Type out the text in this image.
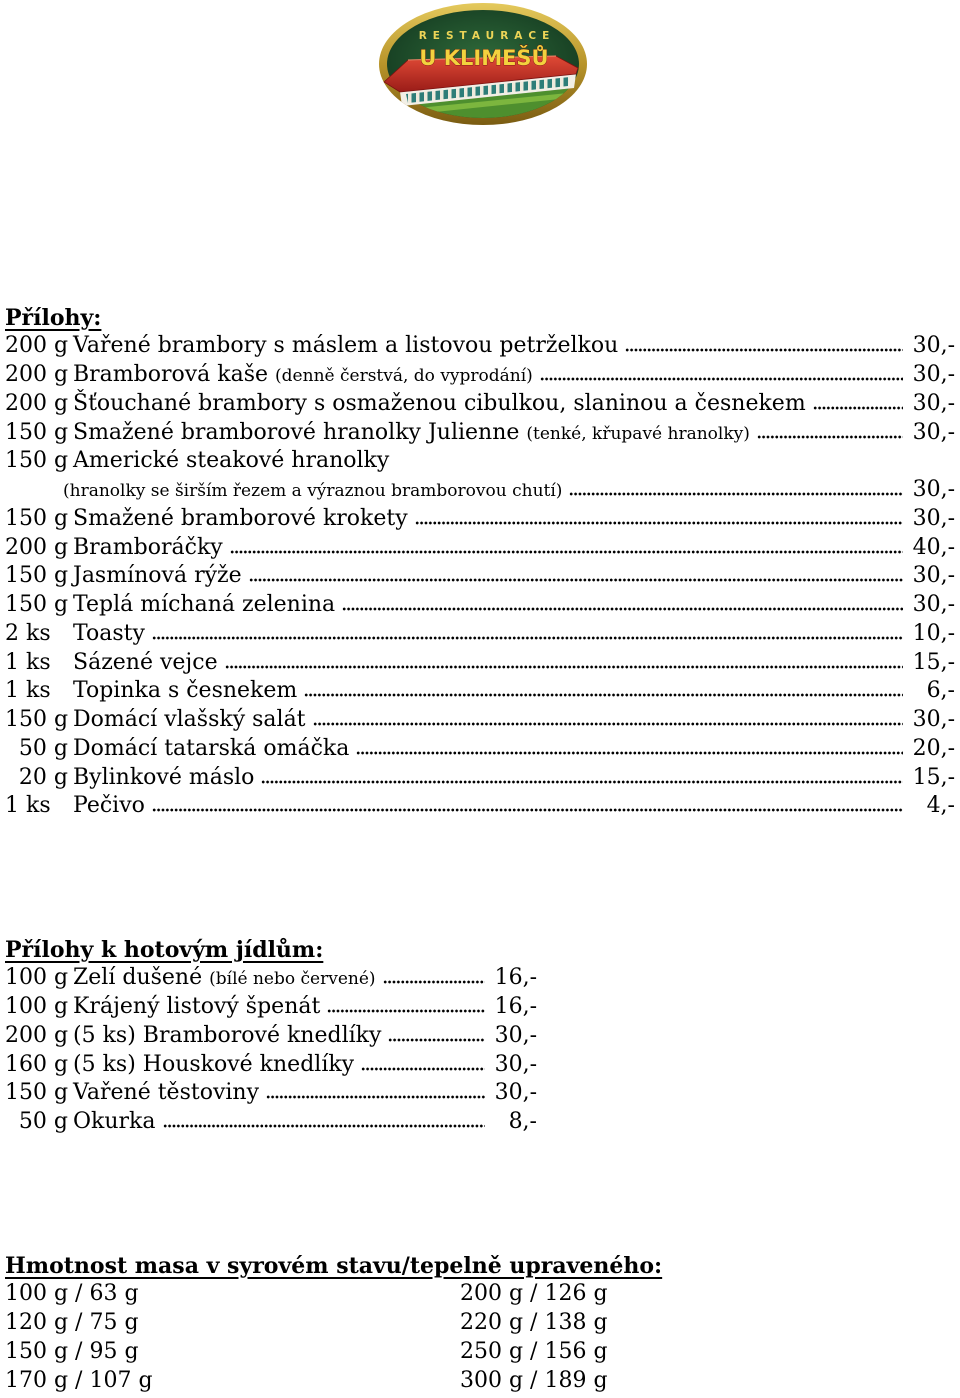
RESTAURACE
U KLIMEŠŮ
Přílohy:
200 g Vařené brambory s máslem a listovou petrželkou	30,-
200 g Bramborová kaše (denně čerstvá, do vyprodání)	30,-
200 g Šťouchané brambory s osmaženou cibulkou, slaninou a česnekem	30,-
150 g Smažené bramborové hranolky Julienne (tenké, křupavé hranolky)	30,-
150 g Americké steakové hranolky
(hranolky se širším řezem a výraznou bramborovou chutí)	30,-
150 g Smažené bramborové krokety	30,-
200 g Bramboráčky	40,-
150 g Jasmínová rýže	30,-
150 g Teplá míchaná zelenina	30,-
2 ks	Toasty	10,-
1 ks	Sázené vejce	15,-
1 ks	Topinka s česnekem	6,-
150 g Domácí vlašský salát	30,-
50 g Domácí tatarská omáčka	20,-
20 g Bylinkové máslo	15,-
1 ks	Pečivo	4,-
Přílohy k hotovým jídlům:
100 g Zelí dušené (bílé nebo červené)	16,-
100 g Krájený listový špenát	16,-
200 g (5 ks) Bramborové knedlíky	30,-
160 g (5 ks) Houskové knedlíky	30,-
150 g Vařené těstoviny	30,-
50 g Okurka	8,-
Hmotnost masa v syrovém stavu/tepelně upraveného:
100 g / 63 g	200 g / 126 g
120 g / 75 g	220 g / 138 g
150 g / 95 g	250 g / 156 g
170 g / 107 g	300 g / 189 g
